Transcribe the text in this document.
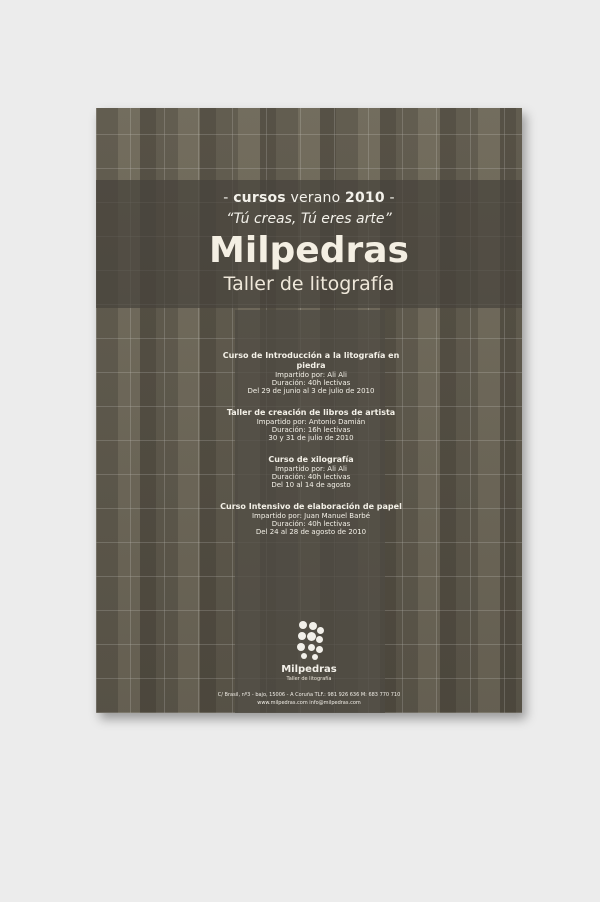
- cursos verano 2010 -
“Tú creas, Tú eres arte”
Milpedras
Taller de litografía
Curso de Introducción a la litografía en piedra
Impartido por: Ali Ali
Duración: 40h lectivas
Del 29 de junio al 3 de julio de 2010
Taller de creación de libros de artista
Impartido por: Antonio Damián
Duración: 16h lectivas
30 y 31 de julio de 2010
Curso de xilografía
Impartido por: Ali Ali
Duración: 40h lectivas
Del 10 al 14 de agosto
Curso Intensivo de elaboración de papel
Impartido por: Juan Manuel Barbé
Duración: 40h lectivas
Del 24 al 28 de agosto de 2010
Milpedras
Taller de litografía
C/ Brasil, nº3 - bajo, 15006 - A Coruña TLF.: 981 926 636 M: 683 770 710
www.milpedras.com info@milpedras.com
